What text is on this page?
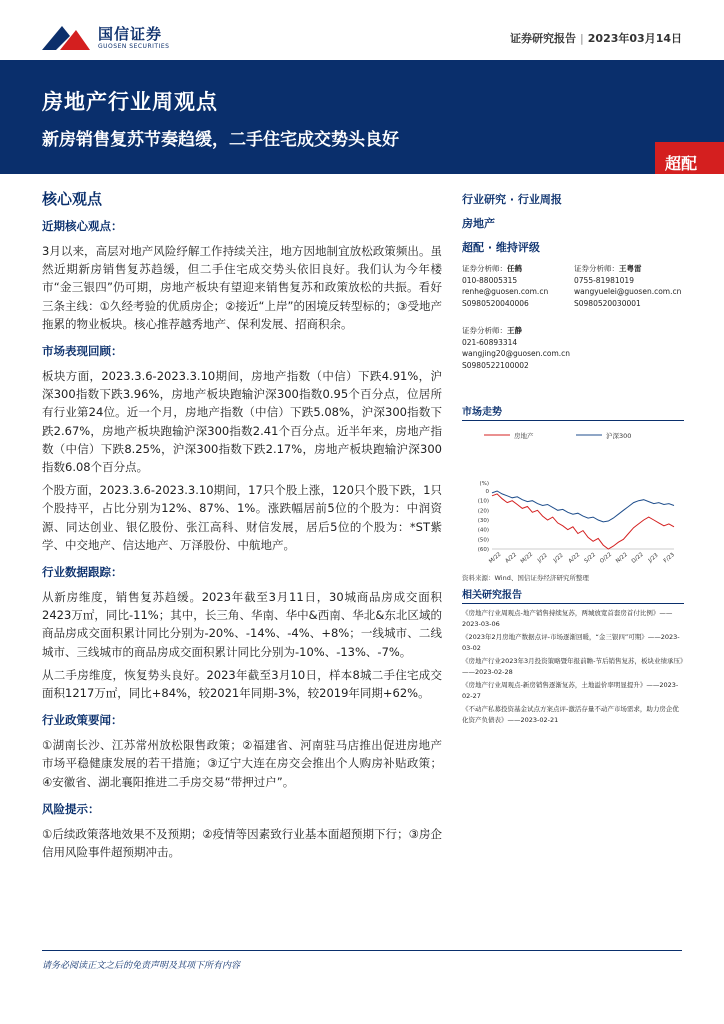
国信证券
GUOSEN SECURITIES
证券研究报告 | 2023年03月14日
房地产行业周观点
新房销售复苏节奏趋缓，二手住宅成交势头良好
超配
核心观点
近期核心观点：
3月以来，高层对地产风险纾解工作持续关注，地方因地制宜放松政策频出。虽然近期新房销售复苏趋缓，但二手住宅成交势头依旧良好。我们认为今年楼市“金三银四”仍可期，房地产板块有望迎来销售复苏和政策放松的共振。看好三条主线：①久经考验的优质房企；②接近“上岸”的困境反转型标的；③受地产拖累的物业板块。核心推荐越秀地产、保利发展、招商积余。
市场表现回顾：
板块方面，2023.3.6-2023.3.10期间，房地产指数（中信）下跌4.91%，沪深300指数下跌3.96%，房地产板块跑输沪深300指数0.95个百分点，位居所有行业第24位。近一个月，房地产指数（中信）下跌5.08%，沪深300指数下跌2.67%，房地产板块跑输沪深300指数2.41个百分点。近半年来，房地产指数（中信）下跌8.25%，沪深300指数下跌2.17%，房地产板块跑输沪深300指数6.08个百分点。
个股方面，2023.3.6-2023.3.10期间，17只个股上涨，120只个股下跌，1只个股持平，占比分别为12%、87%、1%。涨跌幅居前5位的个股为：中润资源、同达创业、银亿股份、张江高科、财信发展，居后5位的个股为：*ST紫学、中交地产、信达地产、万泽股份、中航地产。
行业数据跟踪：
从新房维度，销售复苏趋缓。2023年截至3月11日，30城商品房成交面积2423万㎡，同比-11%；其中，长三角、华南、华中&西南、华北&东北区域的商品房成交面积累计同比分别为-20%、-14%、-4%、+8%；一线城市、二线城市、三线城市的商品房成交面积累计同比分别为-10%、-13%、-7%。
从二手房维度，恢复势头良好。2023年截至3月10日，样本8城二手住宅成交面积1217万㎡，同比+84%，较2021年同期-3%，较2019年同期+62%。
行业政策要闻：
①湖南长沙、江苏常州放松限售政策；②福建省、河南驻马店推出促进房地产市场平稳健康发展的若干措施；③辽宁大连在房交会推出个人购房补贴政策；④安徽省、湖北襄阳推进二手房交易“带押过户”。
风险提示：
①后续政策落地效果不及预期；②疫情等因素致行业基本面超预期下行；③房企信用风险事件超预期冲击。
行业研究 · 行业周报
房地产
超配 · 维持评级
证券分析师：任鹤
010-88005315
renhe@guosen.com.cn
S0980520040006
证券分析师：王粤雷
0755-81981019
wangyuelei@guosen.com.cn
S0980520030001
证券分析师：王静
021-60893314
wangjing20@guosen.com.cn
S0980522100002
市场走势
房地产	沪深300
(%)
0
(10)
(20)
(30)
(40)
(50)
(60)
M/22 A/22 M/22 J/22 J/22 A/22 S/22 O/22 N/22 D/22 J/23 F/23
资料来源：Wind、国信证券经济研究所整理
相关研究报告
《房地产行业周观点-地产销售持续复苏，两城放宽首套房首付比例》——2023-03-06
《2023年2月房地产数据点评-市场逐渐回暖，“金三银四”可期》——2023-03-02
《房地产行业2023年3月投资策略暨年报前瞻-节后销售复苏，板块业绩承压》——2023-02-28
《房地产行业周观点-新房销售逐渐复苏，土地溢价率明显提升》——2023-02-27
《不动产私募投资基金试点方案点评-激活存量不动产市场需求，助力房企优化资产负债表》——2023-02-21
请务必阅读正文之后的免责声明及其项下所有内容
